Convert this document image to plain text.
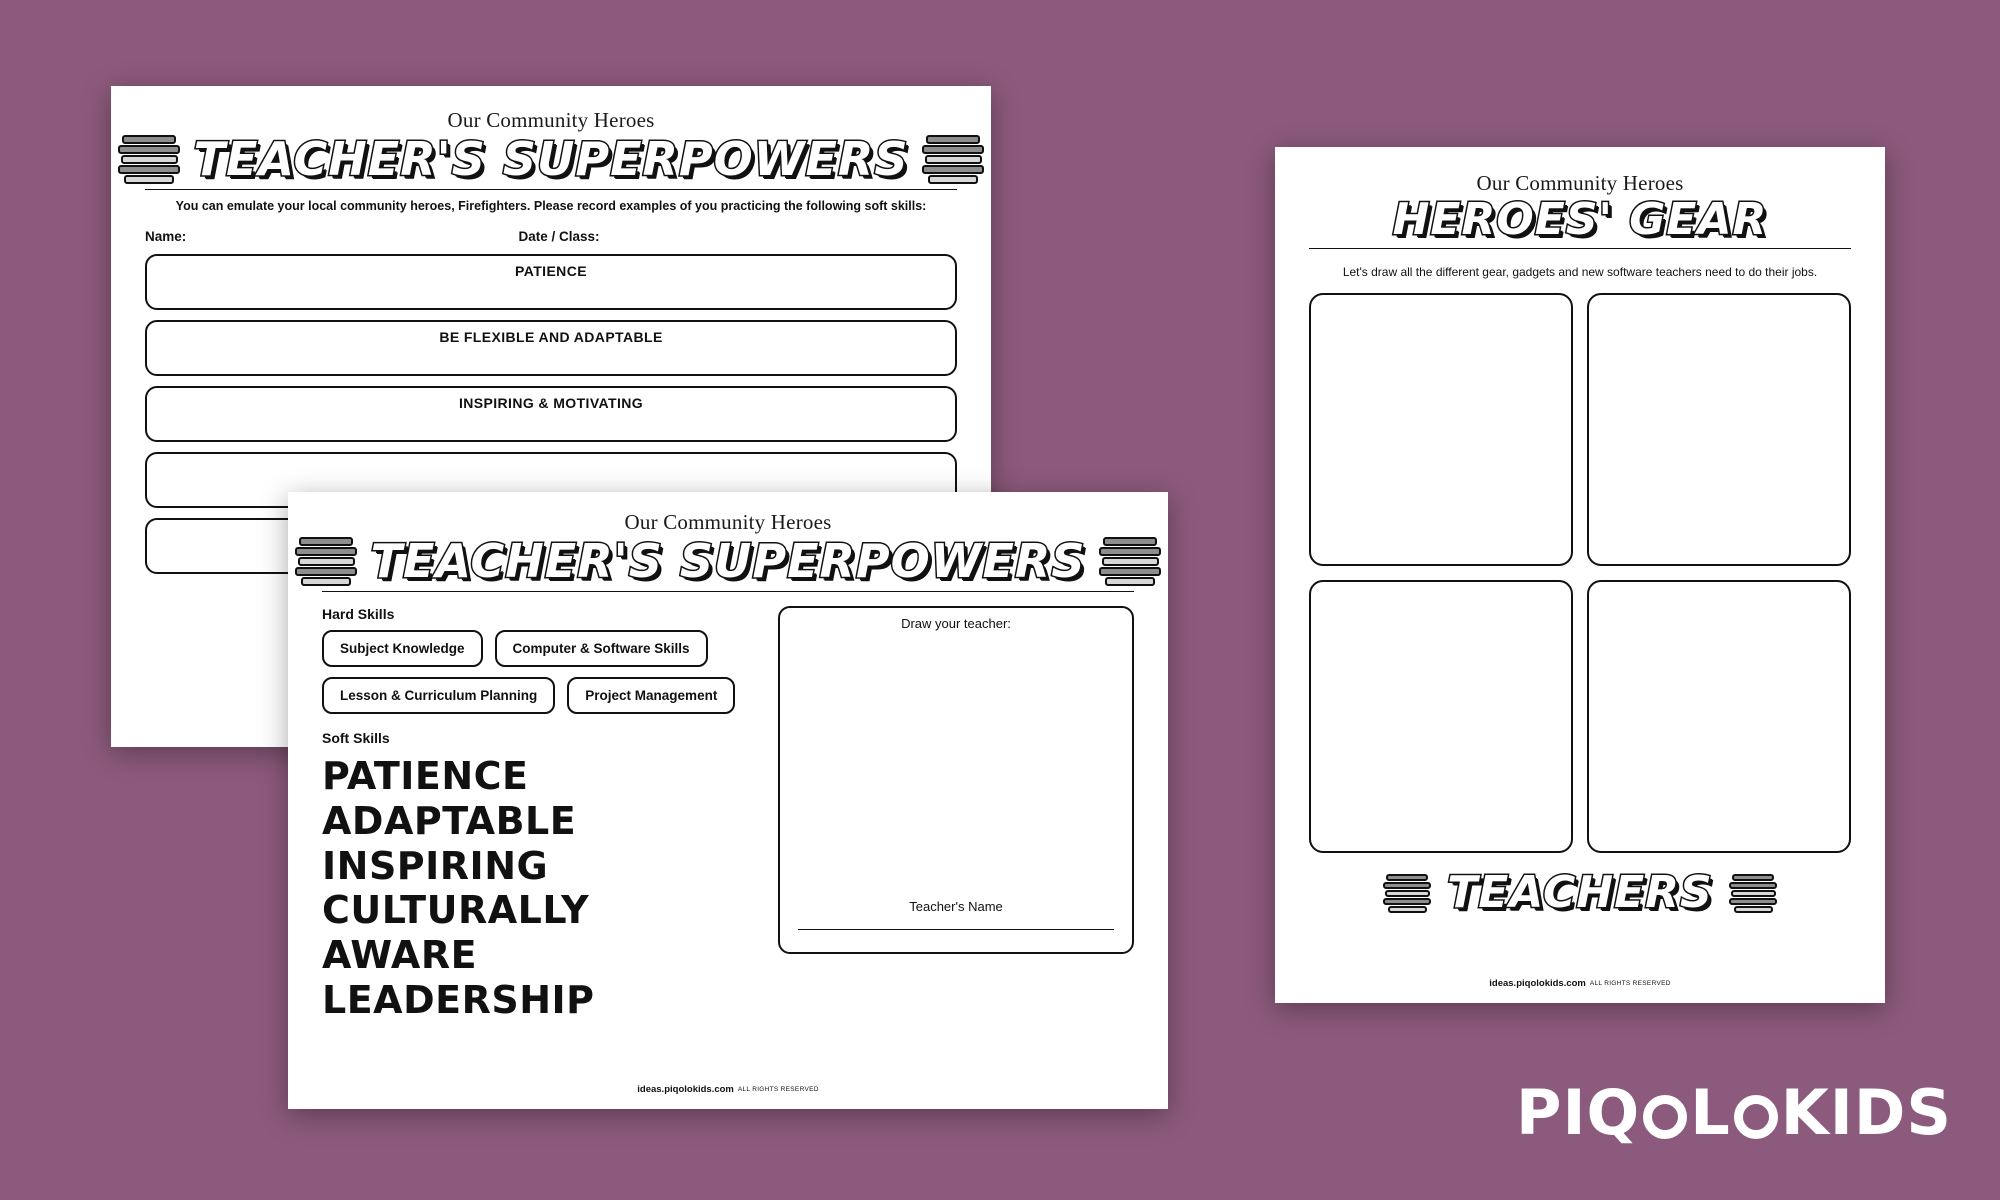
Our Community Heroes
TEACHER'S SUPERPOWERS
You can emulate your local community heroes, Firefighters. Please record examples of you practicing the following soft skills:
Name:	Date / Class:
PATIENCE
BE FLEXIBLE AND ADAPTABLE
INSPIRING & MOTIVATING
Our Community Heroes
HEROES' GEAR
Let's draw all the different gear, gadgets and new software teachers need to do their jobs.
TEACHERS
ideas.piqolokids.com ALL RIGHTS RESERVED
Our Community Heroes
TEACHER'S SUPERPOWERS
Hard Skills
Subject Knowledge	Computer & Software Skills
Lesson & Curriculum Planning	Project Management
Soft Skills
PATIENCE
ADAPTABLE
INSPIRING
CULTURALLY AWARE
LEADERSHIP
Draw your teacher:
Teacher's Name
ideas.piqolokids.com ALL RIGHTS RESERVED	PIQ L KIDS
